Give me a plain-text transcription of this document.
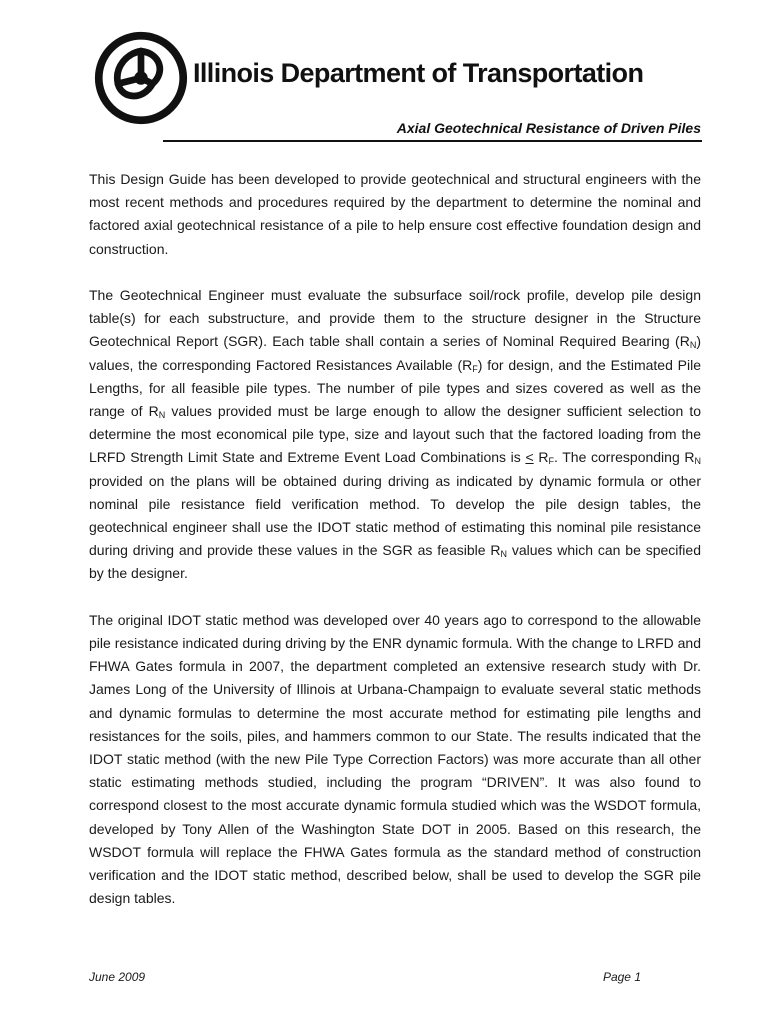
Illinois Department of Transportation
Axial Geotechnical Resistance of Driven Piles

This Design Guide has been developed to provide geotechnical and structural engineers with the most recent methods and procedures required by the department to determine the nominal and factored axial geotechnical resistance of a pile to help ensure cost effective foundation design and construction.

The Geotechnical Engineer must evaluate the subsurface soil/rock profile, develop pile design table(s) for each substructure, and provide them to the structure designer in the Structure Geotechnical Report (SGR). Each table shall contain a series of Nominal Required Bearing $(R_N)$ values, the corresponding Factored Resistances Available $(R_F)$ for design, and the Estimated Pile Lengths, for all feasible pile types. The number of pile types and sizes covered as well as the range of $R_N$ values provided must be large enough to allow the designer sufficient selection to determine the most economical pile type, size and layout such that the factored loading from the LRFD Strength Limit State and Extreme Event Load Combinations is ≤ $R_F$. The corresponding $R_N$ provided on the plans will be obtained during driving as indicated by dynamic formula or other nominal pile resistance field verification method. To develop the pile design tables, the geotechnical engineer shall use the IDOT static method of estimating this nominal pile resistance during driving and provide these values in the SGR as feasible $R_N$ values which can be specified by the designer.

The original IDOT static method was developed over 40 years ago to correspond to the allowable pile resistance indicated during driving by the ENR dynamic formula. With the change to LRFD and FHWA Gates formula in 2007, the department completed an extensive research study with Dr. James Long of the University of Illinois at Urbana-Champaign to evaluate several static methods and dynamic formulas to determine the most accurate method for estimating pile lengths and resistances for the soils, piles, and hammers common to our State. The results indicated that the IDOT static method (with the new Pile Type Correction Factors) was more accurate than all other static estimating methods studied, including the program “DRIVEN”. It was also found to correspond closest to the most accurate dynamic formula studied which was the WSDOT formula, developed by Tony Allen of the Washington State DOT in 2005. Based on this research, the WSDOT formula will replace the FHWA Gates formula as the standard method of construction verification and the IDOT static method, described below, shall be used to develop the SGR pile design tables.

June 2009	Page 1
